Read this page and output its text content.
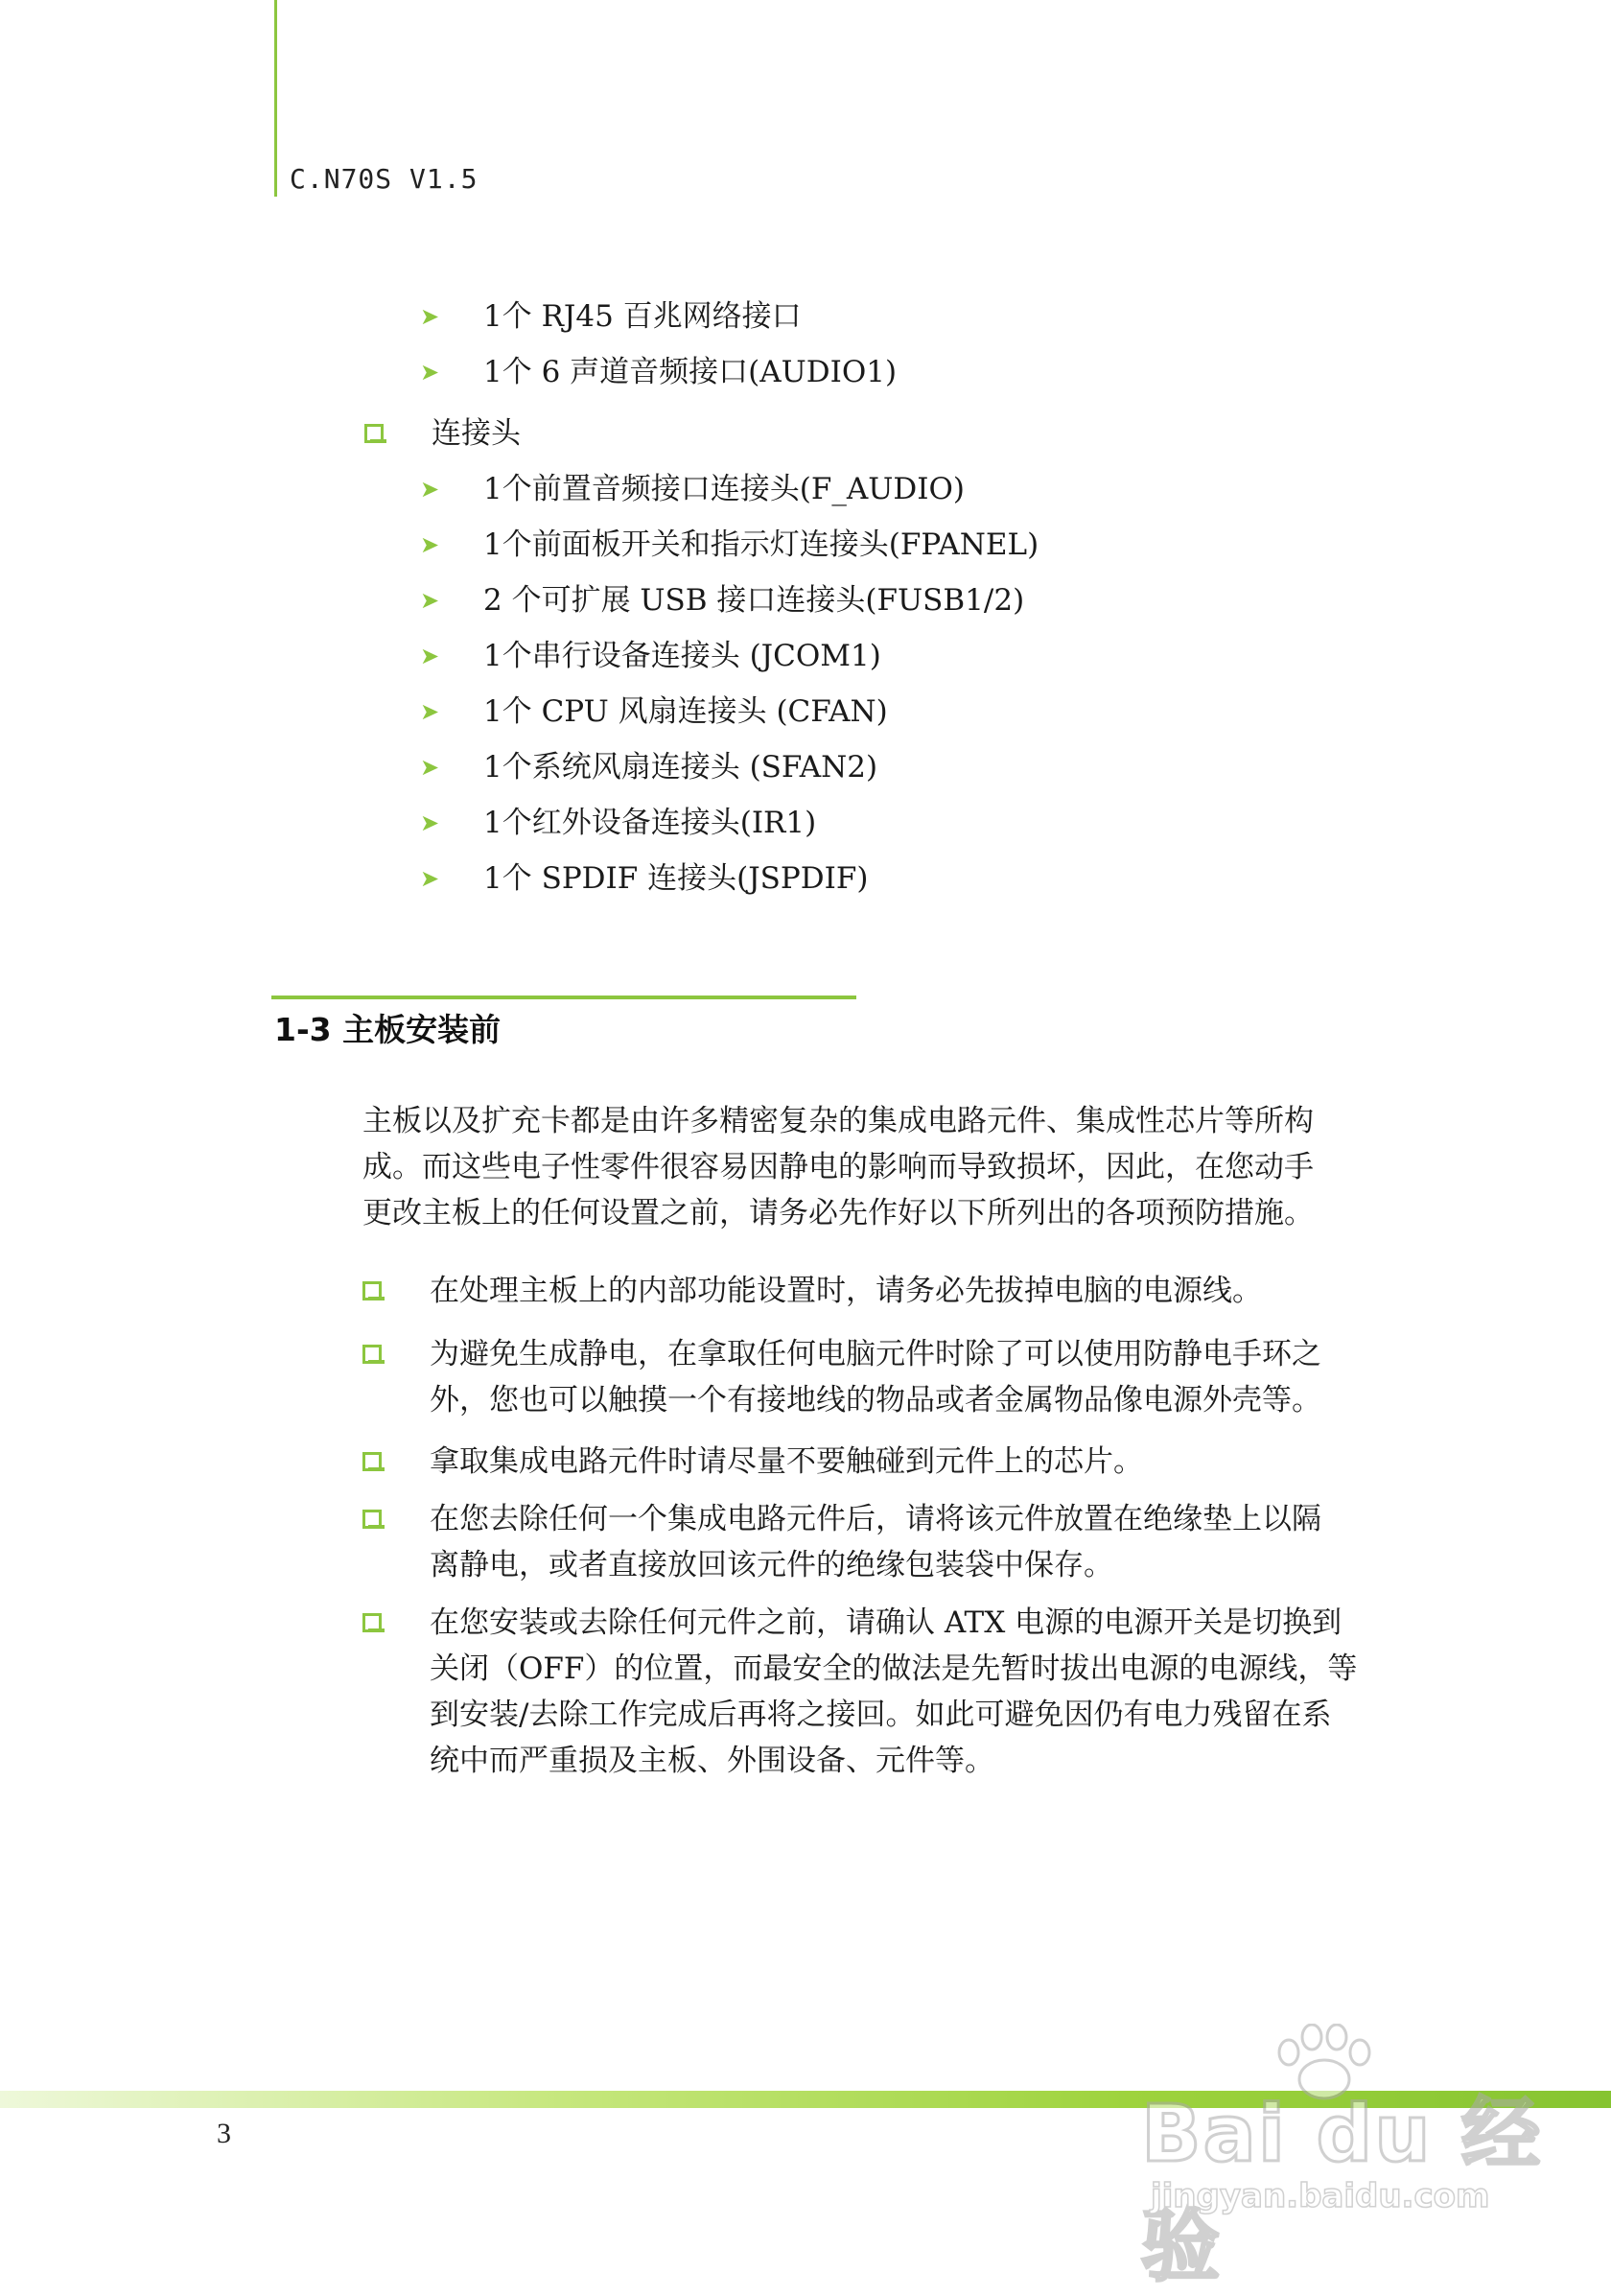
C.N70S V1.5
➤	1个 RJ45 百兆网络接口
➤	1个 6 声道音频接口(AUDIO1)
连接头
➤	1个前置音频接口连接头(F_AUDIO)
➤	1个前面板开关和指示灯连接头(FPANEL)
➤	2 个可扩展 USB 接口连接头(FUSB1/2)
➤	1个串行设备连接头 (JCOM1)
➤	1个 CPU 风扇连接头 (CFAN)
➤	1个系统风扇连接头 (SFAN2)
➤	1个红外设备连接头(IR1)
➤	1个 SPDIF 连接头(JSPDIF)
1-3 主板安装前
主板以及扩充卡都是由许多精密复杂的集成电路元件、集成性芯片等所构
成。而这些电子性零件很容易因静电的影响而导致损坏，因此，在您动手
更改主板上的任何设置之前，请务必先作好以下所列出的各项预防措施。
在处理主板上的内部功能设置时，请务必先拔掉电脑的电源线。
为避免生成静电，在拿取任何电脑元件时除了可以使用防静电手环之
外，您也可以触摸一个有接地线的物品或者金属物品像电源外壳等。
拿取集成电路元件时请尽量不要触碰到元件上的芯片。
在您去除任何一个集成电路元件后，请将该元件放置在绝缘垫上以隔
离静电，或者直接放回该元件的绝缘包装袋中保存。
在您安装或去除任何元件之前，请确认 ATX 电源的电源开关是切换到
关闭（OFF）的位置，而最安全的做法是先暂时拔出电源的电源线，等
到安装/去除工作完成后再将之接回。如此可避免因仍有电力残留在系
统中而严重损及主板、外围设备、元件等。
3	Bai du 经验
jingyan.baidu.com
